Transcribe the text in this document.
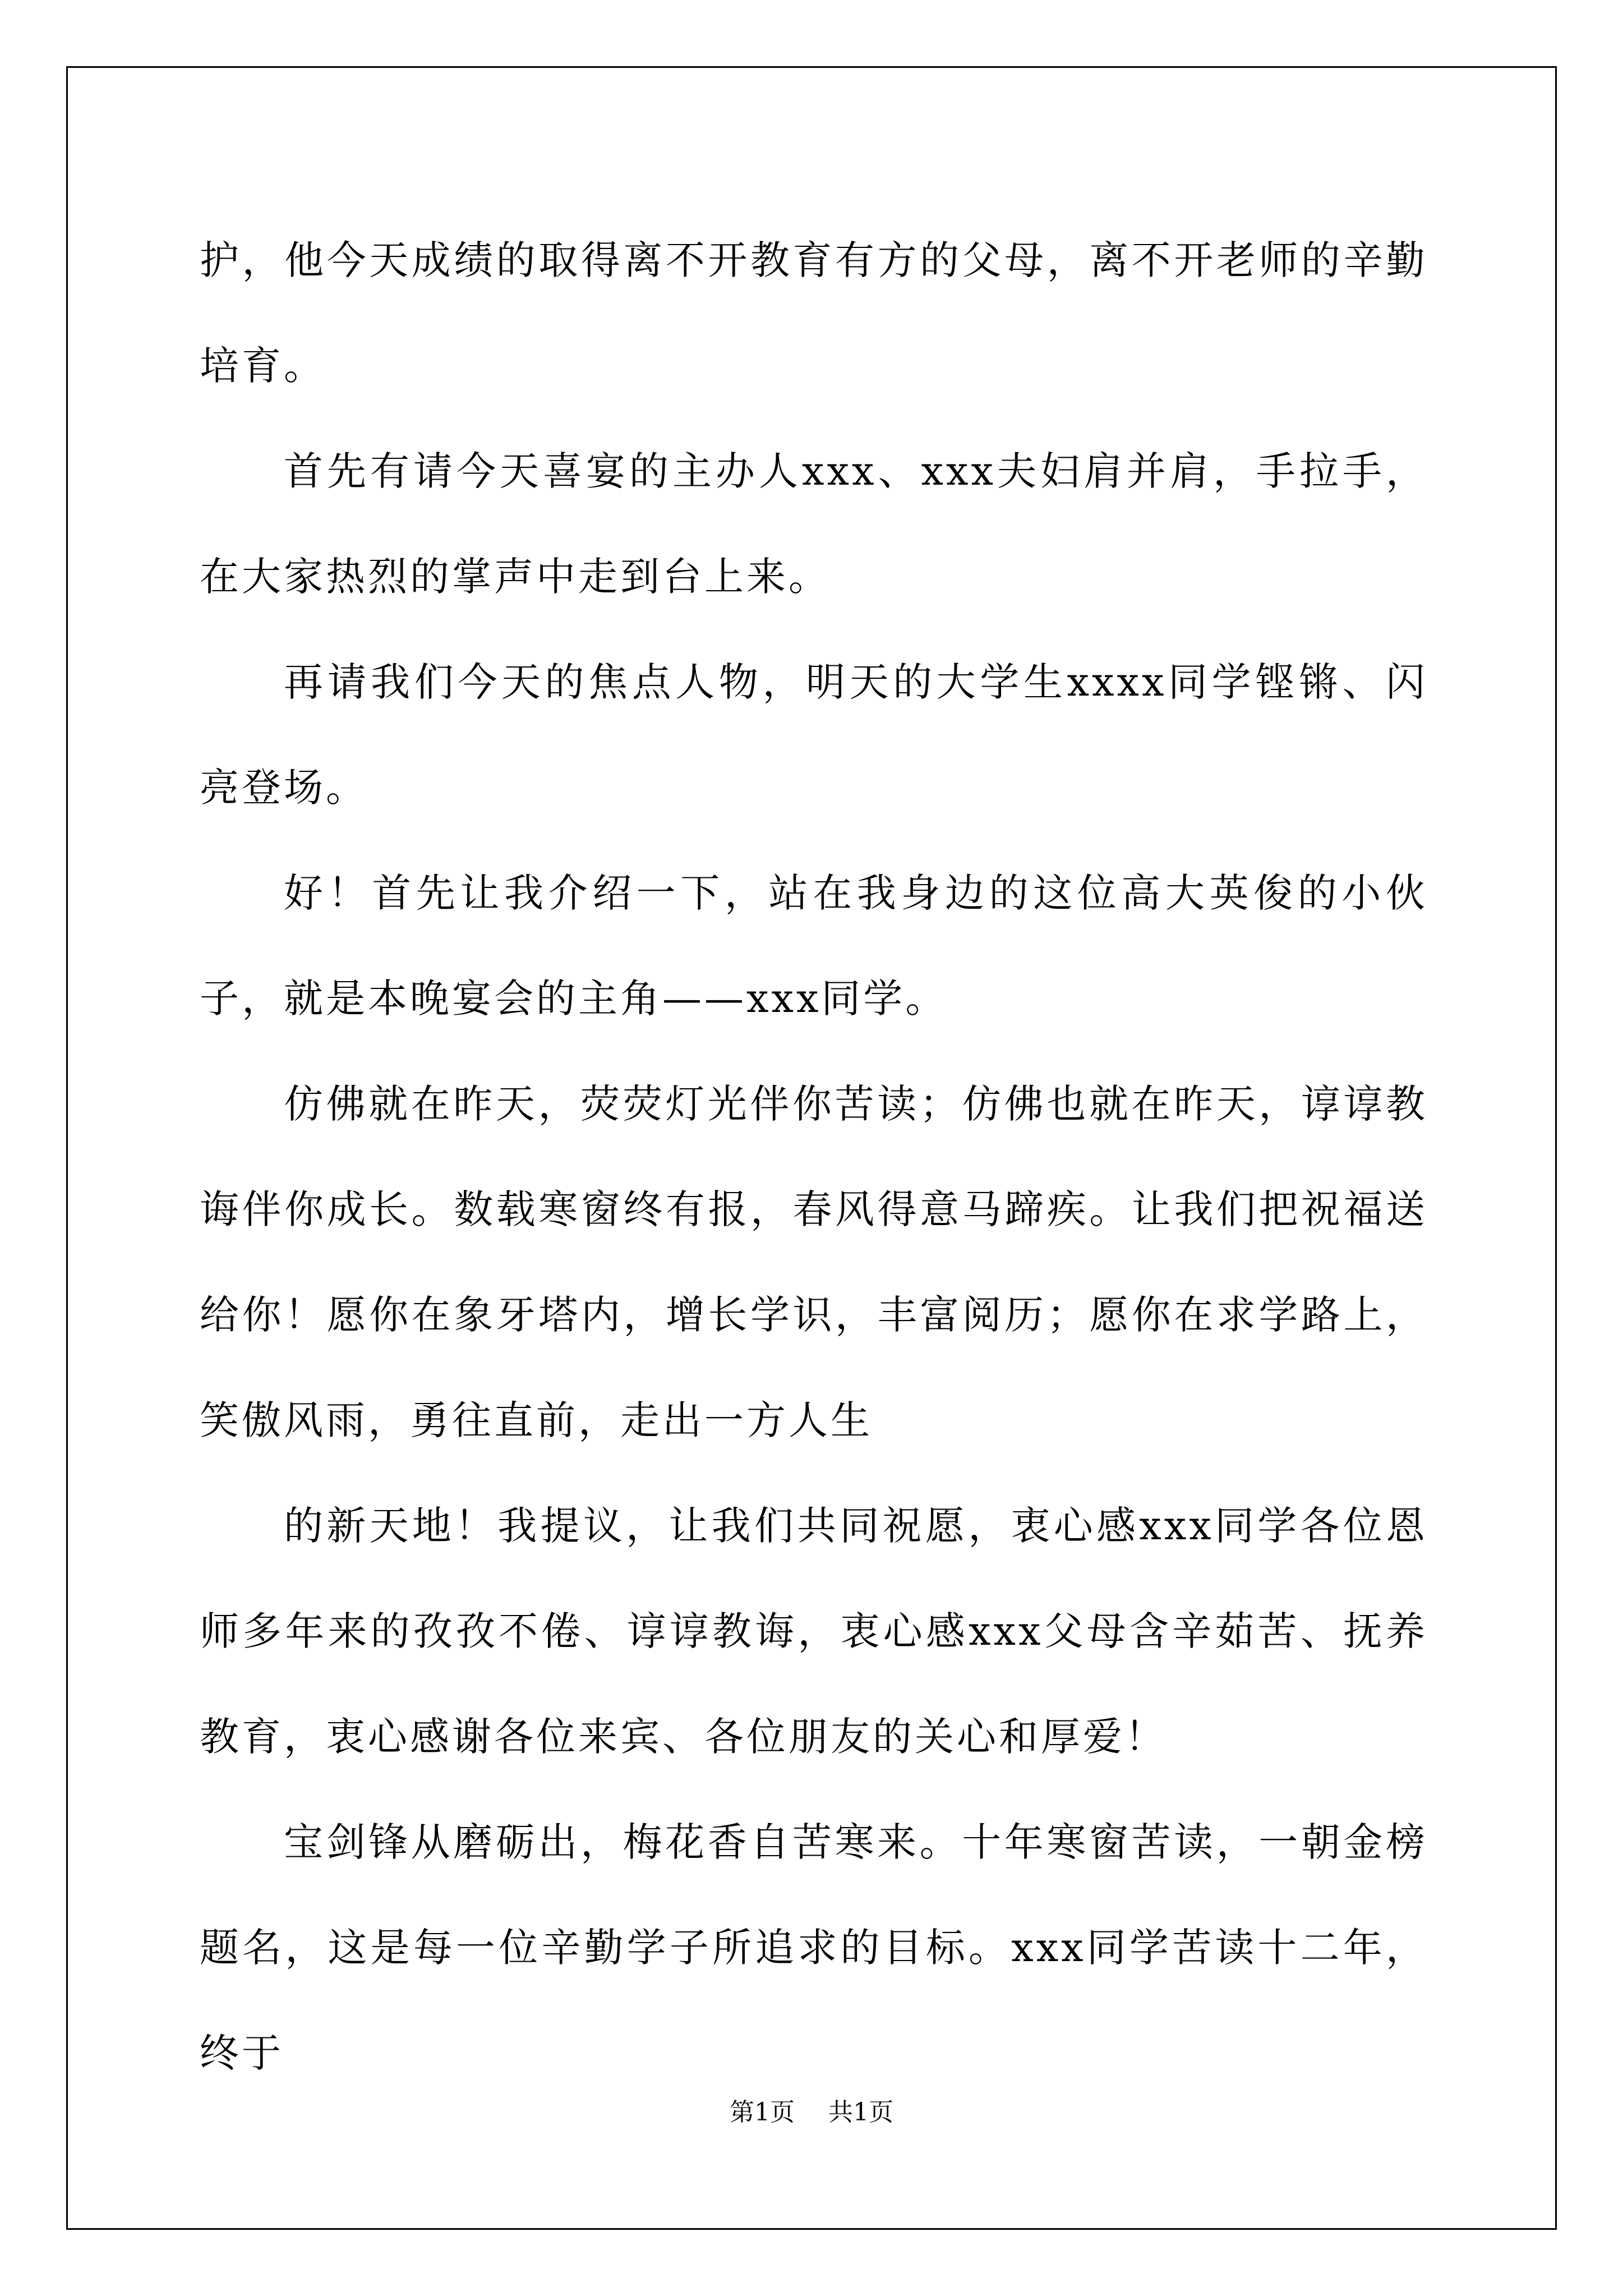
护，他今天成绩的取得离不开教育有方的父母，离不开老师的辛勤培育。

首先有请今天喜宴的主办人xxx、xxx夫妇肩并肩，手拉手，在大家热烈的掌声中走到台上来。

再请我们今天的焦点人物，明天的大学生xxxx同学铿锵、闪亮登场。

好！首先让我介绍一下，站在我身边的这位高大英俊的小伙子，就是本晚宴会的主角——xxx同学。

仿佛就在昨天，荧荧灯光伴你苦读；仿佛也就在昨天，谆谆教诲伴你成长。数载寒窗终有报，春风得意马蹄疾。让我们把祝福送给你！愿你在象牙塔内，增长学识，丰富阅历；愿你在求学路上，笑傲风雨，勇往直前，走出一方人生

的新天地！我提议，让我们共同祝愿，衷心感xxx同学各位恩师多年来的孜孜不倦、谆谆教诲，衷心感xxx父母含辛茹苦、抚养教育，衷心感谢各位来宾、各位朋友的关心和厚爱！

宝剑锋从磨砺出，梅花香自苦寒来。十年寒窗苦读，一朝金榜题名，这是每一位辛勤学子所追求的目标。xxx同学苦读十二年，终于

第1页 共1页
